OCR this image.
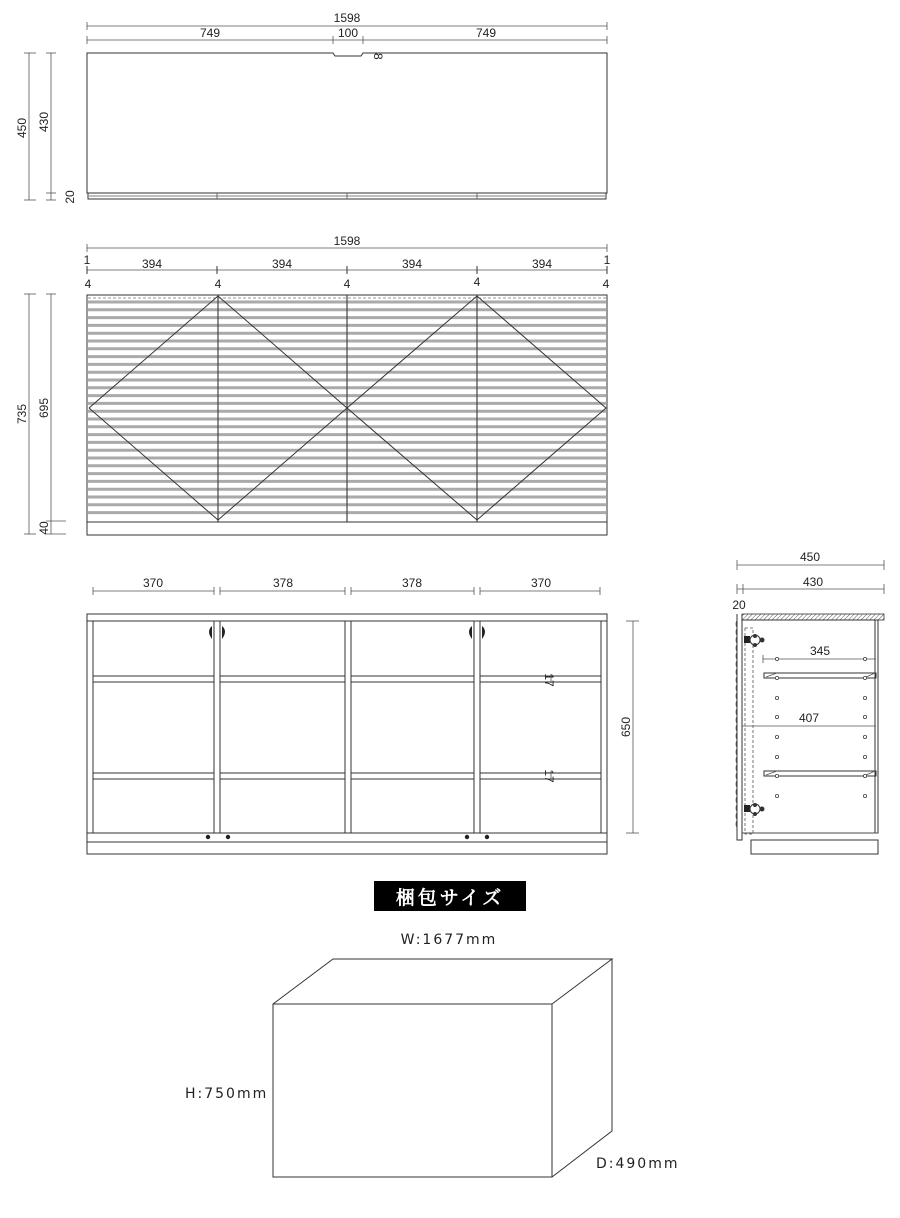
1598
749	100	749
8
450 430
20
1598
1	1
394	394	394	394
4	4	4	4	4
735 695
40
370	378	378	370
17
17
650
450
430
20
345
407
W:1677mm
H:750mm
D:490mm
梱包サイズ
